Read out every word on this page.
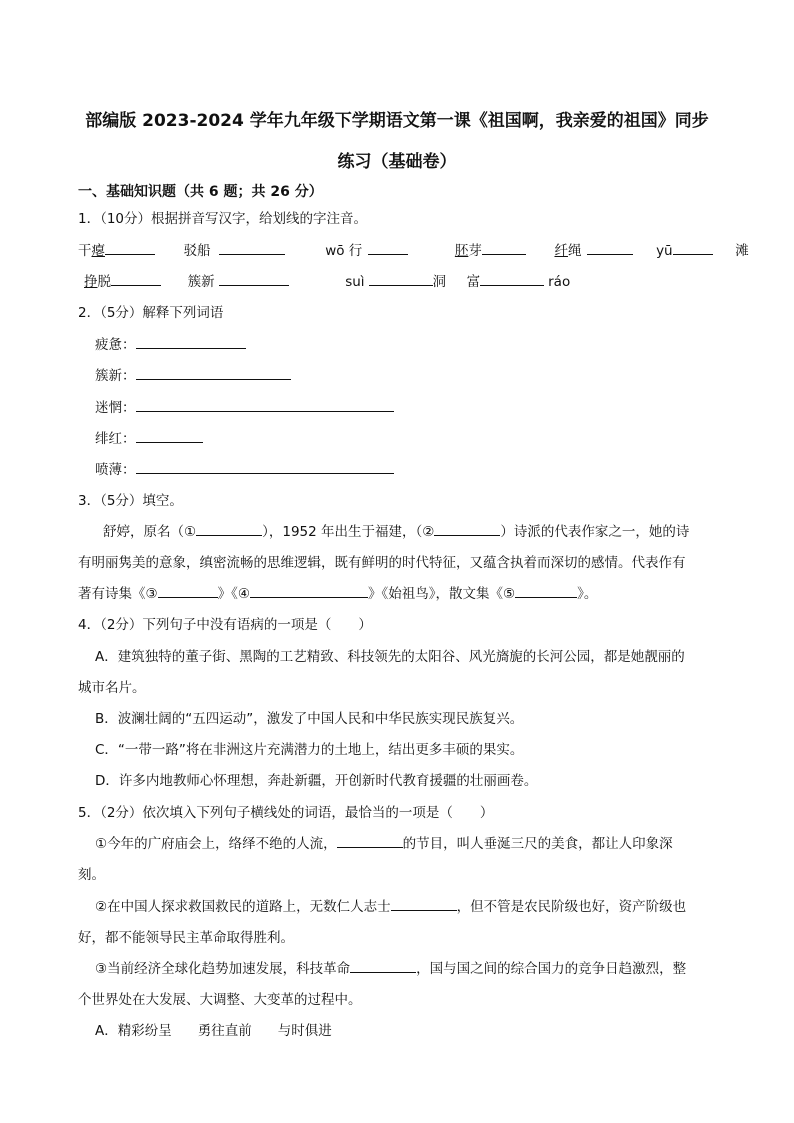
部编版 2023-2024 学年九年级下学期语文第一课《祖国啊，我亲爱的祖国》同步
练习（基础卷）
一、基础知识题（共 6 题；共 26 分）
1．（10分）根据拼音写汉字，给划线的字注音。
干瘪	驳船	wō 行	胚芽	纤绳	yū	滩
挣脱	簇新	suì	洞 富	ráo
2．（5分）解释下列词语
疲惫：
簇新：
迷惘：
绯红：
喷薄：
3．（5分）填空。
舒婷，原名（①	），1952 年出生于福建，（②	）诗派的代表作家之一，她的诗
有明丽隽美的意象，缜密流畅的思维逻辑，既有鲜明的时代特征，又蕴含执着而深切的感情。代表作有
著有诗集《③	》《④	》《始祖鸟》，散文集《⑤	》。
4．（2分）下列句子中没有语病的一项是（　　）
A．建筑独特的董子街、黑陶的工艺精致、科技领先的太阳谷、风光旖旎的长河公园，都是她靓丽的
城市名片。
B．波澜壮阔的“五四运动”，激发了中国人民和中华民族实现民族复兴。
C．“一带一路”将在非洲这片充满潜力的土地上，结出更多丰硕的果实。
D．许多内地教师心怀理想，奔赴新疆，开创新时代教育援疆的壮丽画卷。
5．（2分）依次填入下列句子横线处的词语，最恰当的一项是（　　）
①今年的广府庙会上，络绎不绝的人流，	的节目，叫人垂涎三尺的美食，都让人印象深
刻。
②在中国人探求救国救民的道路上，无数仁人志士	，但不管是农民阶级也好，资产阶级也
好，都不能领导民主革命取得胜利。
③当前经济全球化趋势加速发展，科技革命	，国与国之间的综合国力的竞争日趋激烈，整
个世界处在大发展、大调整、大变革的过程中。
A．精彩纷呈 勇往直前 与时俱进
